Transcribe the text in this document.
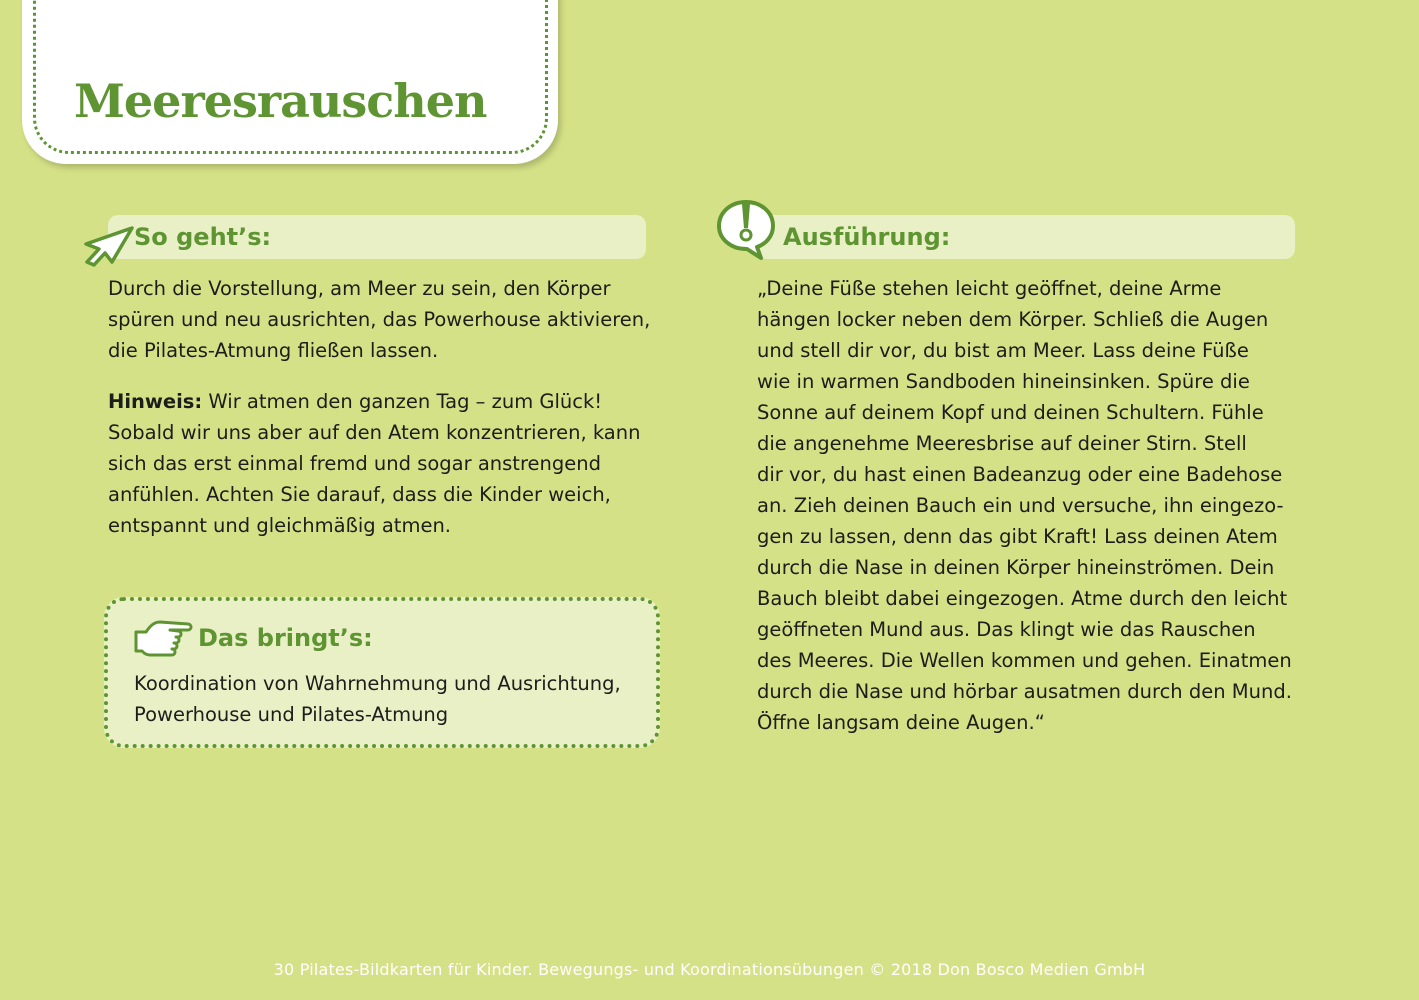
Meeresrauschen
So geht’s:

Durch die Vorstellung, am Meer zu sein, den Körper

spüren und neu ausrichten, das Powerhouse aktivieren,

die Pilates-Atmung fließen lassen.

Hinweis: Wir atmen den ganzen Tag – zum Glück!

Sobald wir uns aber auf den Atem konzentrieren, kann

sich das erst einmal fremd und sogar anstrengend

anfühlen. Achten Sie darauf, dass die Kinder weich,

entspannt und gleichmäßig atmen.

Das bringt’s:

Koordination von Wahrnehmung und Ausrichtung,

Powerhouse und Pilates-Atmung

Ausführung:

„Deine Füße stehen leicht geöffnet, deine Arme

hängen locker neben dem Körper. Schließ die Augen

und stell dir vor, du bist am Meer. Lass deine Füße

wie in warmen Sandboden hineinsinken. Spüre die

Sonne auf deinem Kopf und deinen Schultern. Fühle

die angenehme Meeresbrise auf deiner Stirn. Stell

dir vor, du hast einen Badeanzug oder eine Badehose

an. Zieh deinen Bauch ein und versuche, ihn eingezo-

gen zu lassen, denn das gibt Kraft! Lass deinen Atem

durch die Nase in deinen Körper hineinströmen. Dein

Bauch bleibt dabei eingezogen. Atme durch den leicht

geöffneten Mund aus. Das klingt wie das Rauschen

des Meeres. Die Wellen kommen und gehen. Einatmen

durch die Nase und hörbar ausatmen durch den Mund.

Öffne langsam deine Augen.“

30 Pilates-Bildkarten für Kinder. Bewegungs- und Koordinationsübungen © 2018 Don Bosco Medien GmbH
